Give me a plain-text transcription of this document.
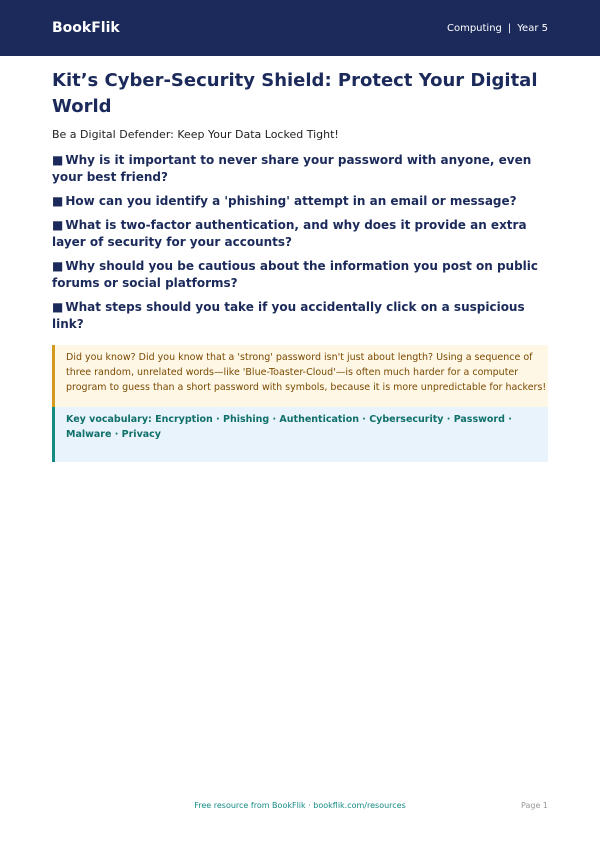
BookFlik	Computing | Year 5
Kit’s Cyber-Security Shield: Protect Your Digital World

Be a Digital Defender: Keep Your Data Locked Tight!

■ Why is it important to never share your password with anyone, even your best friend?
■ How can you identify a 'phishing' attempt in an email or message?
■ What is two-factor authentication, and why does it provide an extra layer of security for your accounts?
■ Why should you be cautious about the information you post on public forums or social platforms?
■ What steps should you take if you accidentally click on a suspicious link?
Did you know? Did you know that a 'strong' password isn't just about length? Using a sequence of three random, unrelated words—like 'Blue-Toaster-Cloud'—is often much harder for a computer program to guess than a short password with symbols, because it is more unpredictable for hackers!
Key vocabulary: Encryption · Phishing · Authentication · Cybersecurity · Password · Malware · Privacy
Free resource from BookFlik · bookflik.com/resources	Page 1
